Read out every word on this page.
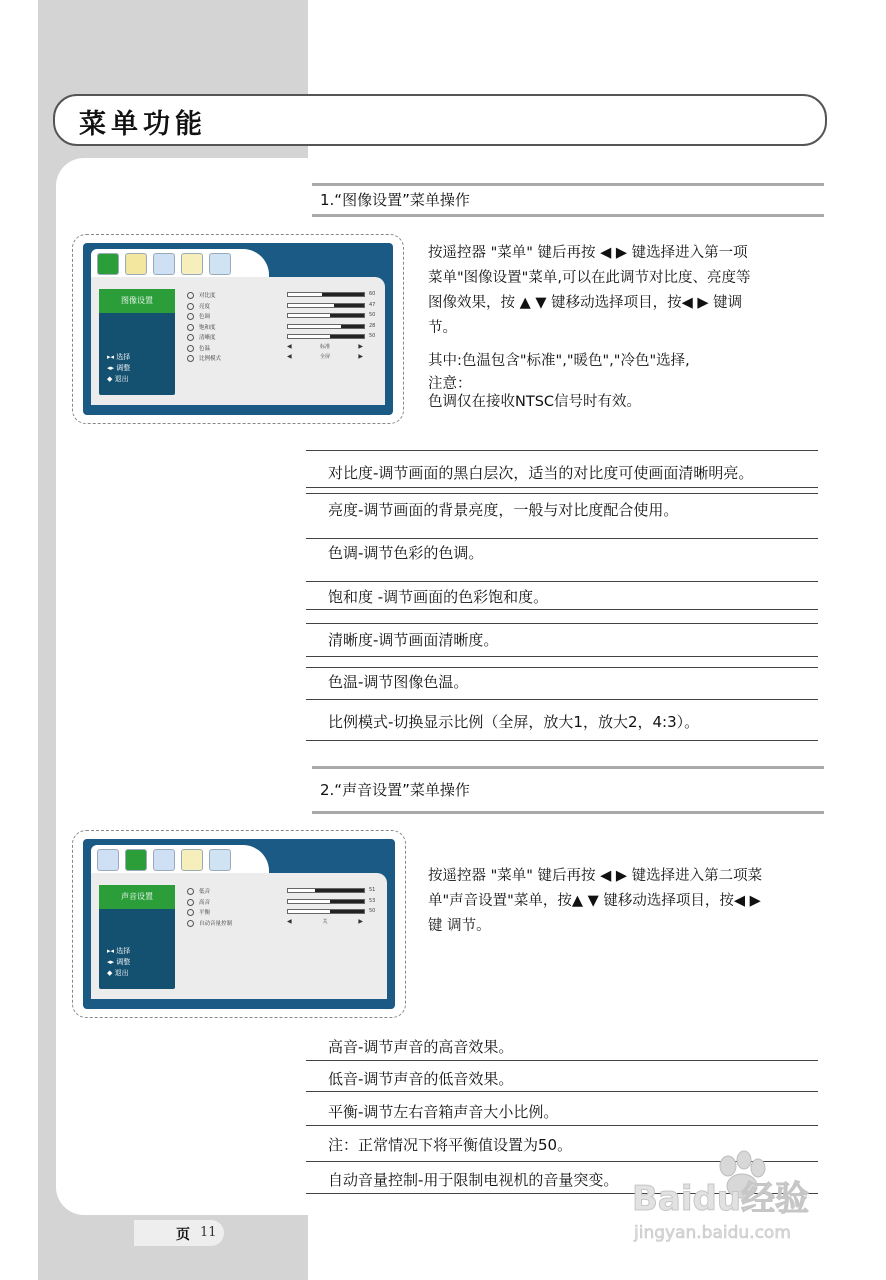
菜单功能
1.“图像设置”菜单操作
图像设置
▸◂ 选择
◂▸ 调整
◆ 退出
对比度	60
亮度	47
色调	50
饱和度	28
清晰度	50
色温	◀	标准	▶
比例模式	◀	全屏	▶
按遥控器 "菜单" 键后再按 ◀ ▶ 键选择进入第一项
菜单"图像设置"菜单,可以在此调节对比度、亮度等
图像效果，按 ▲ ▼ 键移动选择项目，按◀ ▶ 键调
节。
其中:色温包含"标准","暖色","冷色"选择,
注意：
色调仅在接收NTSC信号时有效。
对比度-调节画面的黑白层次，适当的对比度可使画面清晰明亮。
亮度-调节画面的背景亮度，一般与对比度配合使用。
色调-调节色彩的色调。
饱和度 -调节画面的色彩饱和度。
清晰度-调节画面清晰度。
色温-调节图像色温。
比例模式-切换显示比例（全屏，放大1，放大2，4:3）。
2.“声音设置”菜单操作
声音设置
▸◂ 选择
◂▸ 调整
◆ 退出
低音	51
高音	53
平衡	50
自动音量控制	◀	关	▶
按遥控器 "菜单" 键后再按 ◀ ▶ 键选择进入第二项菜
单"声音设置"菜单，按▲ ▼ 键移动选择项目，按◀ ▶
键 调节。
高音-调节声音的高音效果。
低音-调节声音的低音效果。
平衡-调节左右音箱声音大小比例。
注：正常情况下将平衡值设置为50。
自动音量控制-用于限制电视机的音量突变。
页 11
Baidu经验
jingyan.baidu.com
